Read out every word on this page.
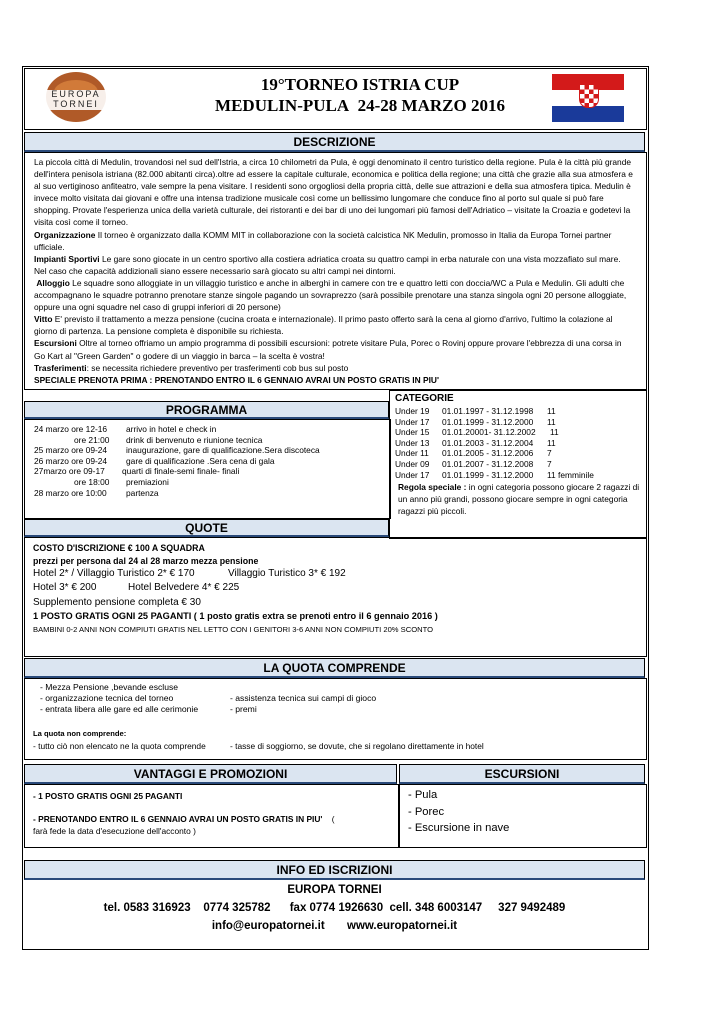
EUROPA
TORNEI
19°TORNEO ISTRIA CUP
MEDULIN-PULA 24-28 MARZO 2016
DESCRIZIONE

La piccola città di Medulin, trovandosi nel sud dell'Istria, a circa 10 chilometri da Pula, è oggi denominato il centro turistico della regione. Pula è la città più grande dell'intera penisola istriana (82.000 abitanti circa).oltre ad essere la capitale culturale, economica e politica della regione; una città che grazie alla sua atmosfera e al suo vertiginoso anfiteatro, vale sempre la pena visitare. I residenti sono orgogliosi della propria città, delle sue attrazioni e della sua atmosfera tipica. Medulin è invece molto visitata dai giovani e offre una intensa tradizione musicale così come un bellissimo lungomare che conduce fino al porto sul quale si può fare shopping. Provate l'esperienza unica della varietà culturale, dei ristoranti e dei bar di uno dei lungomari più famosi dell'Adriatico – visitate la Croazia e godetevi la visita così come il torneo.

Organizzazione Il torneo è organizzato dalla KOMM MIT in collaborazione con la società calcistica NK Medulin, promosso in Italia da Europa Tornei partner ufficiale.

Impianti Sportivi Le gare sono giocate in un centro sportivo alla costiera adriatica croata su quattro campi in erba naturale con una vista mozzafiato sul mare. Nel caso che capacità addizionali siano essere necessario sarà giocato su altri campi nei dintorni.

Alloggio Le squadre sono alloggiate in un villaggio turistico e anche in alberghi in camere con tre e quattro letti con doccia/WC a Pula e Medulin. Gli adulti che accompagnano le squadre potranno prenotare stanze singole pagando un sovraprezzo (sarà possibile prenotare una stanza singola ogni 20 persone alloggiate, oppure una ogni squadre nel caso di gruppi inferiori di 20 persone)

Vitto E' previsto il trattamento a mezza pensione (cucina croata e internazionale). Il primo pasto offerto sarà la cena al giorno d'arrivo, l'ultimo la colazione al giorno di partenza. La pensione completa è disponibile su richiesta.

Escursioni Oltre al torneo offriamo un ampio programma di possibili escursioni: potrete visitare Pula, Porec o Rovinj oppure provare l'ebbrezza di una corsa in Go Kart al "Green Garden" o godere di un viaggio in barca – la scelta è vostra!

Trasferimenti: se necessita richiedere preventivo per trasferimenti cob bus sul posto

SPECIALE PRENOTA PRIMA : PRENOTANDO ENTRO IL 6 GENNAIO AVRAI UN POSTO GRATIS IN PIU'

PROGRAMMA
24 marzo ore 12-16 arrivo in hotel e check in
ore 21:00 drink di benvenuto e riunione tecnica
25 marzo ore 09-24 inaugurazione, gare di qualificazione.Sera discoteca
26 marzo ore 09-24 gare di qualificazione .Sera cena di gala
27marzo ore 09-17 quarti di finale-semi finale- finali
ore 18:00 premiazioni
28 marzo ore 10:00 partenza
CATEGORIE
Under 19 01.01.1997 - 31.12.1998 11
Under 17 01.01.1999 - 31.12.2000 11
Under 15 01.01.20001- 31.12.2002 11
Under 13 01.01.2003 - 31.12.2004 11
Under 11 01.01.2005 - 31.12.2006 7
Under 09 01.01.2007 - 31.12.2008 7
Under 17 01.01.1999 - 31.12.2000 11 femminile

Regola speciale : in ogni categoria possono giocare 2 ragazzi di un anno più grandi, possono giocare sempre in ogni categoria ragazzi più piccoli.

QUOTE
COSTO D'ISCRIZIONE € 100 A SQUADRA
prezzi per persona dal 24 al 28 marzo mezza pensione
Hotel 2* / Villaggio Turistico 2* € 170	Villaggio Turistico 3* € 192
Hotel 3* € 200	Hotel Belvedere 4* € 225
Supplemento pensione completa € 30
1 POSTO GRATIS OGNI 25 PAGANTI ( 1 posto gratis extra se prenoti entro il 6 gennaio 2016 )
BAMBINI 0-2 ANNI NON COMPIUTI GRATIS NEL LETTO CON I GENITORI 3-6 ANNI NON COMPIUTI 20% SCONTO
LA QUOTA COMPRENDE
- Mezza Pensione ,bevande escluse
- organizzazione tecnica del torneo	- assistenza tecnica sui campi di gioco
- entrata libera alle gare ed alle cerimonie	- premi
La quota non comprende:
- tutto ciò non elencato ne la quota comprende	- tasse di soggiorno, se dovute, che si regolano direttamente in hotel
VANTAGGI E PROMOZIONI	ESCURSIONI
- 1 POSTO GRATIS OGNI 25 PAGANTI
- PRENOTANDO ENTRO IL 6 GENNAIO AVRAI UN POSTO GRATIS IN PIU' (
farà fede la data d'esecuzione dell'acconto )
- Pula
- Porec
- Escursione in nave
INFO ED ISCRIZIONI
EUROPA TORNEI
tel. 0583 316923    0774 325782      fax 0774 1926630  cell. 348 6003147     327 9492489
info@europatornei.it       www.europatornei.it
